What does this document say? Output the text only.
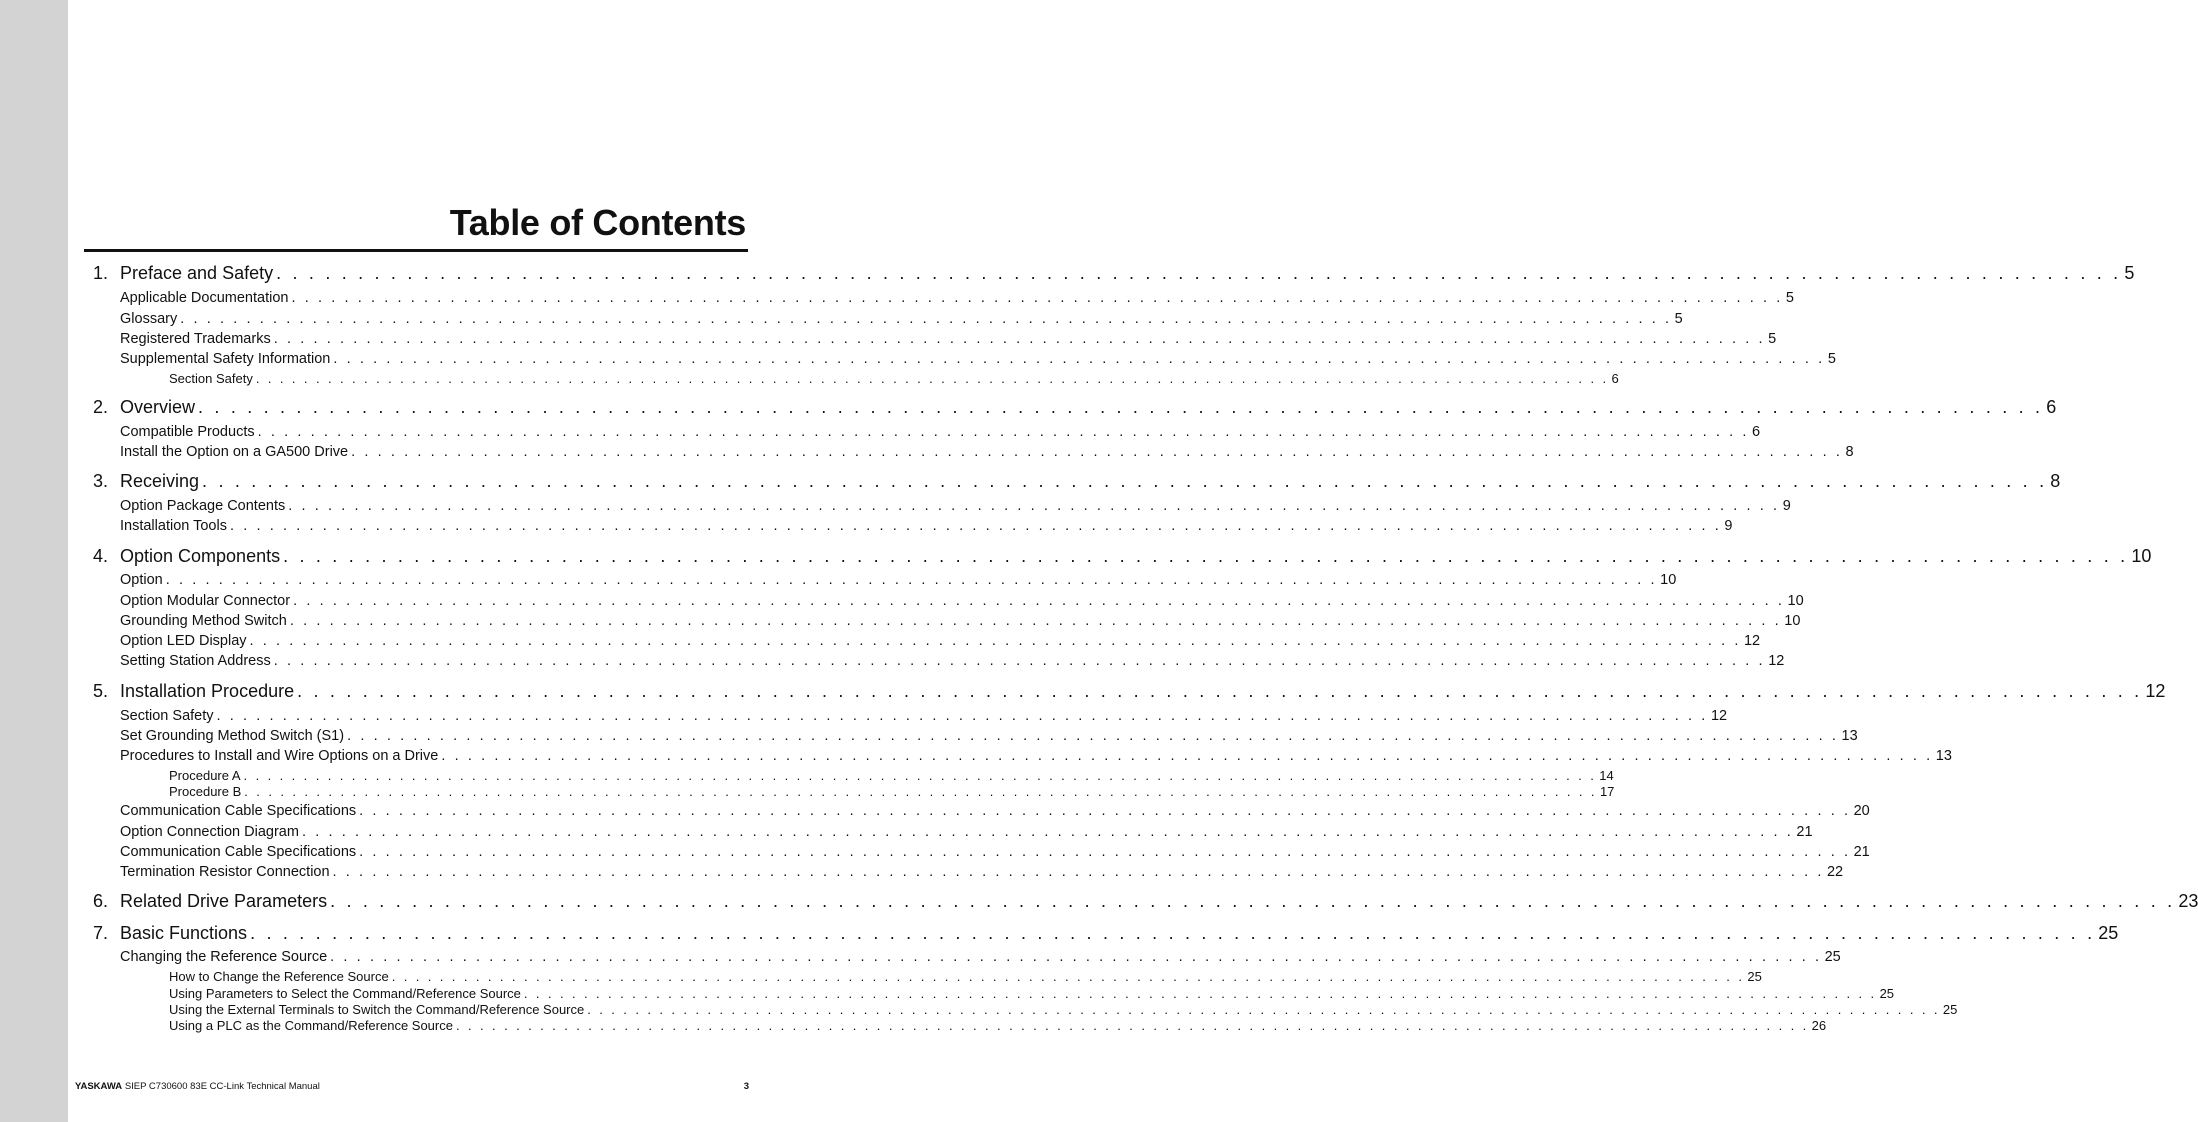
Table of Contents
1. Preface and Safety . . . . . . . . . . . . . . . . . . . . . . . . . . . . . . . . . . . . . . . . . . . . . . . . . . . . . . . . . . . . . . . . . . . . . . . . . . . . . . . . . . . . . . . . . . . . . . . . . . . . . . . . . . . . . . . . . 5
Applicable Documentation . . . . . . . . . . . . . . . . . . . . . . . . . . . . . . . . . . . . . . . . . . . . . . . . . . . . . . . . . . . . . . . . . . . . . . . . . . . . . . . . . . . . . . . . . . . . . . . . . . . . . . . . . . . . . . . . . 5
Glossary . . . . . . . . . . . . . . . . . . . . . . . . . . . . . . . . . . . . . . . . . . . . . . . . . . . . . . . . . . . . . . . . . . . . . . . . . . . . . . . . . . . . . . . . . . . . . . . . . . . . . . . . . . . . . . . . . 5
Registered Trademarks . . . . . . . . . . . . . . . . . . . . . . . . . . . . . . . . . . . . . . . . . . . . . . . . . . . . . . . . . . . . . . . . . . . . . . . . . . . . . . . . . . . . . . . . . . . . . . . . . . . . . . . . . . . . . . . . . 5
Supplemental Safety Information . . . . . . . . . . . . . . . . . . . . . . . . . . . . . . . . . . . . . . . . . . . . . . . . . . . . . . . . . . . . . . . . . . . . . . . . . . . . . . . . . . . . . . . . . . . . . . . . . . . . . . . . . . . . . . . . . 5
Section Safety . . . . . . . . . . . . . . . . . . . . . . . . . . . . . . . . . . . . . . . . . . . . . . . . . . . . . . . . . . . . . . . . . . . . . . . . . . . . . . . . . . . . . . . . . . . . . . . . . . . . . . . . . . . . . . . . . 6
2. Overview . . . . . . . . . . . . . . . . . . . . . . . . . . . . . . . . . . . . . . . . . . . . . . . . . . . . . . . . . . . . . . . . . . . . . . . . . . . . . . . . . . . . . . . . . . . . . . . . . . . . . . . . . . . . . . . . . 6
Compatible Products . . . . . . . . . . . . . . . . . . . . . . . . . . . . . . . . . . . . . . . . . . . . . . . . . . . . . . . . . . . . . . . . . . . . . . . . . . . . . . . . . . . . . . . . . . . . . . . . . . . . . . . . . . . . . . . . . 6
Install the Option on a GA500 Drive . . . . . . . . . . . . . . . . . . . . . . . . . . . . . . . . . . . . . . . . . . . . . . . . . . . . . . . . . . . . . . . . . . . . . . . . . . . . . . . . . . . . . . . . . . . . . . . . . . . . . . . . . . . . . . . . . 8
3. Receiving . . . . . . . . . . . . . . . . . . . . . . . . . . . . . . . . . . . . . . . . . . . . . . . . . . . . . . . . . . . . . . . . . . . . . . . . . . . . . . . . . . . . . . . . . . . . . . . . . . . . . . . . . . . . . . . . . 8
Option Package Contents . . . . . . . . . . . . . . . . . . . . . . . . . . . . . . . . . . . . . . . . . . . . . . . . . . . . . . . . . . . . . . . . . . . . . . . . . . . . . . . . . . . . . . . . . . . . . . . . . . . . . . . . . . . . . . . . . 9
Installation Tools . . . . . . . . . . . . . . . . . . . . . . . . . . . . . . . . . . . . . . . . . . . . . . . . . . . . . . . . . . . . . . . . . . . . . . . . . . . . . . . . . . . . . . . . . . . . . . . . . . . . . . . . . . . . . . . . . 9
4. Option Components . . . . . . . . . . . . . . . . . . . . . . . . . . . . . . . . . . . . . . . . . . . . . . . . . . . . . . . . . . . . . . . . . . . . . . . . . . . . . . . . . . . . . . . . . . . . . . . . . . . . . . . . . . . . . . . . . 10
Option . . . . . . . . . . . . . . . . . . . . . . . . . . . . . . . . . . . . . . . . . . . . . . . . . . . . . . . . . . . . . . . . . . . . . . . . . . . . . . . . . . . . . . . . . . . . . . . . . . . . . . . . . . . . . . . . . 10
Option Modular Connector . . . . . . . . . . . . . . . . . . . . . . . . . . . . . . . . . . . . . . . . . . . . . . . . . . . . . . . . . . . . . . . . . . . . . . . . . . . . . . . . . . . . . . . . . . . . . . . . . . . . . . . . . . . . . . . . . 10
Grounding Method Switch . . . . . . . . . . . . . . . . . . . . . . . . . . . . . . . . . . . . . . . . . . . . . . . . . . . . . . . . . . . . . . . . . . . . . . . . . . . . . . . . . . . . . . . . . . . . . . . . . . . . . . . . . . . . . . . . . 10
Option LED Display . . . . . . . . . . . . . . . . . . . . . . . . . . . . . . . . . . . . . . . . . . . . . . . . . . . . . . . . . . . . . . . . . . . . . . . . . . . . . . . . . . . . . . . . . . . . . . . . . . . . . . . . . . . . . . . . . 12
Setting Station Address . . . . . . . . . . . . . . . . . . . . . . . . . . . . . . . . . . . . . . . . . . . . . . . . . . . . . . . . . . . . . . . . . . . . . . . . . . . . . . . . . . . . . . . . . . . . . . . . . . . . . . . . . . . . . . . . . 12
5. Installation Procedure . . . . . . . . . . . . . . . . . . . . . . . . . . . . . . . . . . . . . . . . . . . . . . . . . . . . . . . . . . . . . . . . . . . . . . . . . . . . . . . . . . . . . . . . . . . . . . . . . . . . . . . . . . . . . . . . . 12
Section Safety . . . . . . . . . . . . . . . . . . . . . . . . . . . . . . . . . . . . . . . . . . . . . . . . . . . . . . . . . . . . . . . . . . . . . . . . . . . . . . . . . . . . . . . . . . . . . . . . . . . . . . . . . . . . . . . . . 12
Set Grounding Method Switch (S1) . . . . . . . . . . . . . . . . . . . . . . . . . . . . . . . . . . . . . . . . . . . . . . . . . . . . . . . . . . . . . . . . . . . . . . . . . . . . . . . . . . . . . . . . . . . . . . . . . . . . . . . . . . . . . . . . . 13
Procedures to Install and Wire Options on a Drive . . . . . . . . . . . . . . . . . . . . . . . . . . . . . . . . . . . . . . . . . . . . . . . . . . . . . . . . . . . . . . . . . . . . . . . . . . . . . . . . . . . . . . . . . . . . . . . . . . . . . . . . . . . . . . . . . 13
Procedure A . . . . . . . . . . . . . . . . . . . . . . . . . . . . . . . . . . . . . . . . . . . . . . . . . . . . . . . . . . . . . . . . . . . . . . . . . . . . . . . . . . . . . . . . . . . . . . . . . . . . . . . . . . . . . . . . . 14
Procedure B . . . . . . . . . . . . . . . . . . . . . . . . . . . . . . . . . . . . . . . . . . . . . . . . . . . . . . . . . . . . . . . . . . . . . . . . . . . . . . . . . . . . . . . . . . . . . . . . . . . . . . . . . . . . . . . . . 17
Communication Cable Specifications . . . . . . . . . . . . . . . . . . . . . . . . . . . . . . . . . . . . . . . . . . . . . . . . . . . . . . . . . . . . . . . . . . . . . . . . . . . . . . . . . . . . . . . . . . . . . . . . . . . . . . . . . . . . . . . . . 20
Option Connection Diagram . . . . . . . . . . . . . . . . . . . . . . . . . . . . . . . . . . . . . . . . . . . . . . . . . . . . . . . . . . . . . . . . . . . . . . . . . . . . . . . . . . . . . . . . . . . . . . . . . . . . . . . . . . . . . . . . . 21
Communication Cable Specifications . . . . . . . . . . . . . . . . . . . . . . . . . . . . . . . . . . . . . . . . . . . . . . . . . . . . . . . . . . . . . . . . . . . . . . . . . . . . . . . . . . . . . . . . . . . . . . . . . . . . . . . . . . . . . . . . . 21
Termination Resistor Connection . . . . . . . . . . . . . . . . . . . . . . . . . . . . . . . . . . . . . . . . . . . . . . . . . . . . . . . . . . . . . . . . . . . . . . . . . . . . . . . . . . . . . . . . . . . . . . . . . . . . . . . . . . . . . . . . . 22
6. Related Drive Parameters . . . . . . . . . . . . . . . . . . . . . . . . . . . . . . . . . . . . . . . . . . . . . . . . . . . . . . . . . . . . . . . . . . . . . . . . . . . . . . . . . . . . . . . . . . . . . . . . . . . . . . . . . . . . . . . . . 23
7. Basic Functions . . . . . . . . . . . . . . . . . . . . . . . . . . . . . . . . . . . . . . . . . . . . . . . . . . . . . . . . . . . . . . . . . . . . . . . . . . . . . . . . . . . . . . . . . . . . . . . . . . . . . . . . . . . . . . . . . 25
Changing the Reference Source . . . . . . . . . . . . . . . . . . . . . . . . . . . . . . . . . . . . . . . . . . . . . . . . . . . . . . . . . . . . . . . . . . . . . . . . . . . . . . . . . . . . . . . . . . . . . . . . . . . . . . . . . . . . . . . . . 25
How to Change the Reference Source . . . . . . . . . . . . . . . . . . . . . . . . . . . . . . . . . . . . . . . . . . . . . . . . . . . . . . . . . . . . . . . . . . . . . . . . . . . . . . . . . . . . . . . . . . . . . . . . . . . . . . . . . . . . . . . . . 25
Using Parameters to Select the Command/Reference Source . . . . . . . . . . . . . . . . . . . . . . . . . . . . . . . . . . . . . . . . . . . . . . . . . . . . . . . . . . . . . . . . . . . . . . . . . . . . . . . . . . . . . . . . . . . . . . . . . . . . . . . . . . . . . . . . . 25
Using the External Terminals to Switch the Command/Reference Source . . . . . . . . . . . . . . . . . . . . . . . . . . . . . . . . . . . . . . . . . . . . . . . . . . . . . . . . . . . . . . . . . . . . . . . . . . . . . . . . . . . . . . . . . . . . . . . . . . . . . . . . . . . . . . . . . 25
Using a PLC as the Command/Reference Source . . . . . . . . . . . . . . . . . . . . . . . . . . . . . . . . . . . . . . . . . . . . . . . . . . . . . . . . . . . . . . . . . . . . . . . . . . . . . . . . . . . . . . . . . . . . . . . . . . . . . . . . . . . . . . . . . 26
YASKAWA SIEP C730600 83E CC-Link Technical Manual	3
